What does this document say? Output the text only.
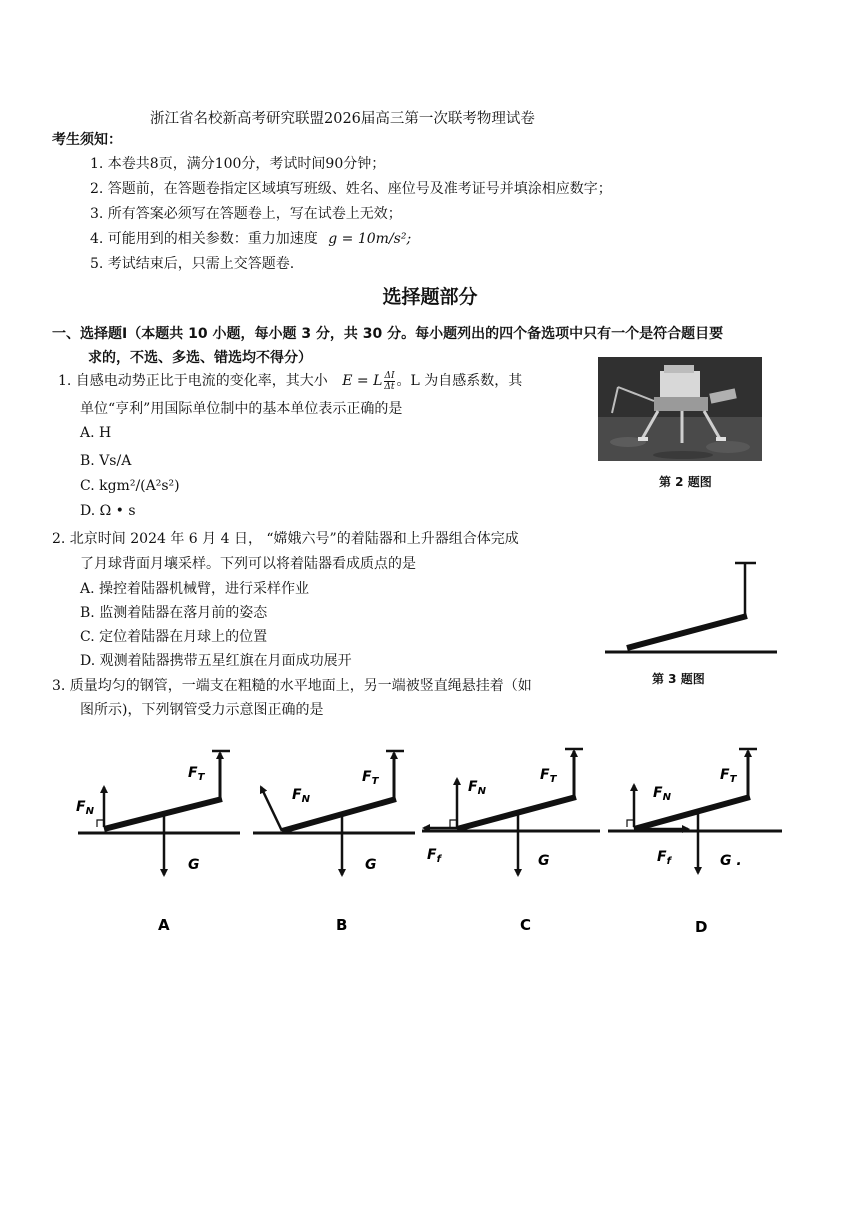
浙江省名校新高考研究联盟2026届高三第一次联考物理试卷
考生须知：
1. 本卷共8页，满分100分，考试时间90分钟；
2. 答题前，在答题卷指定区域填写班级、姓名、座位号及准考证号并填涂相应数字；
3. 所有答案必须写在答题卷上，写在试卷上无效；
4. 可能用到的相关参数：重力加速度 g = 10m/s²;
5. 考试结束后，只需上交答题卷.
选择题部分
一、选择题Ⅰ（本题共 10 小题，每小题 3 分，共 30 分。每小题列出的四个备选项中只有一个是符合题目要
求的，不选、多选、错选均不得分）
1. 自感电动势正比于电流的变化率，其大小 E = L $\frac{\Delta I}{\Delta t}$ 。L 为自感系数，其
单位“亨利”用国际单位制中的基本单位表示正确的是
A. H
B. Vs/A
C. kgm²/(A²s²)
D. Ω • s
2. 北京时间 2024 年 6 月 4 日， “嫦娥六号”的着陆器和上升器组合体完成
了月球背面月壤采样。下列可以将着陆器看成质点的是
A. 操控着陆器机械臂，进行采样作业
B. 监测着陆器在落月前的姿态
C. 定位着陆器在月球上的位置
D. 观测着陆器携带五星红旗在月面成功展开
3. 质量均匀的钢管，一端支在粗糙的水平地面上，另一端被竖直绳悬挂着（如
图所示)，下列钢管受力示意图正确的是
第 2 题图
第 3 题图
$F_N$
$F_T$
G
A
$F_N$
$F_T$
G
B
$F_N$
$F_T$
$F_f$	G
C
$F_N$
$F_T$
$F_f$	G .
D
